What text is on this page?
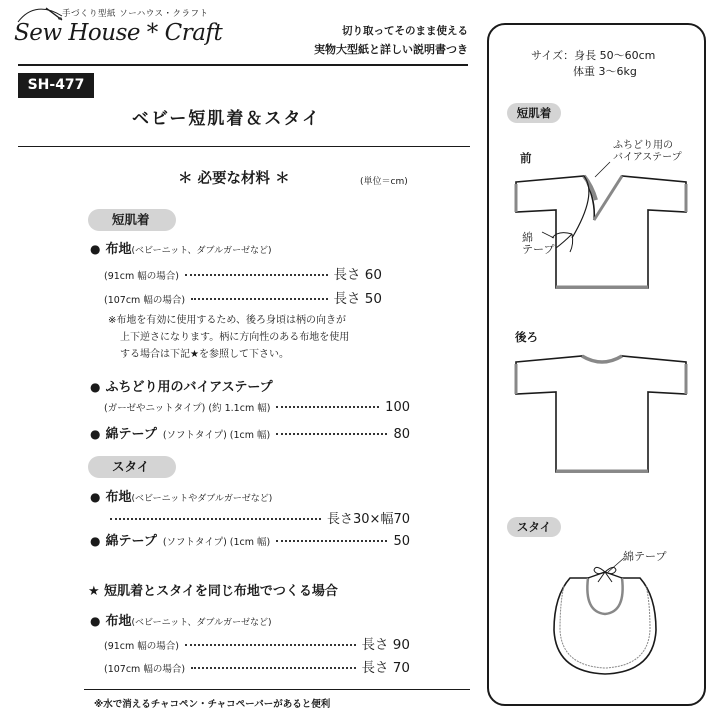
手づくり型紙 ソーハウス・クラフト
Sew House * Craft	切り取ってそのまま使える
実物大型紙と詳しい説明書つき
SH-477
ベビー短肌着＆スタイ
＊ 必要な材料 ＊	(単位＝cm)
短肌着
● 布地(ベビーニット、ダブルガーゼなど)
(91cm 幅の場合)	長さ 60
(107cm 幅の場合)	長さ 50
※布地を有効に使用するため、後ろ身頃は柄の向きが
上下逆さになります。柄に方向性のある布地を使用
する場合は下記★を参照して下さい。
● ふちどり用のバイアステープ
(ガーゼやニットタイプ) (約 1.1cm 幅)	100
● 綿テープ (ソフトタイプ) (1cm 幅)	80
スタイ
● 布地(ベビーニットやダブルガーゼなど)
長さ30×幅70
● 綿テープ (ソフトタイプ) (1cm 幅)	50
★ 短肌着とスタイを同じ布地でつくる場合
● 布地(ベビーニット、ダブルガーゼなど)
(91cm 幅の場合)	長さ 90
(107cm 幅の場合)	長さ 70
※水で消えるチャコペン・チャコペーパーがあると便利
サイズ：身長 50〜60cm
体重 3〜6kg
短肌着
前
ふちどり用の
バイアステープ
綿
テープ
後ろ
スタイ
綿テープ
